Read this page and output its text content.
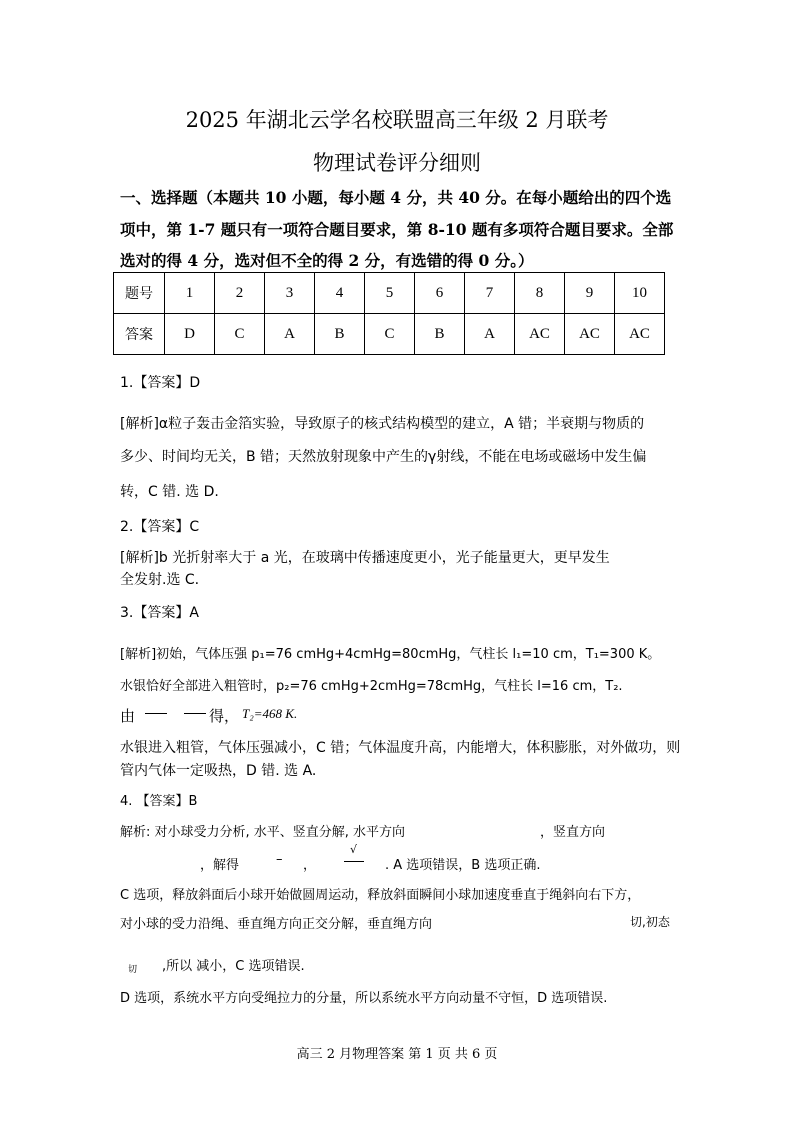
2025 年湖北云学名校联盟高三年级 2 月联考
物理试卷评分细则
一、选择题（本题共 10 小题，每小题 4 分，共 40 分。在每小题给出的四个选
项中，第 1-7 题只有一项符合题目要求，第 8-10 题有多项符合题目要求。全部
选对的得 4 分，选对但不全的得 2 分，有选错的得 0 分。）
题号	1	2	3	4	5	6	7	8	9	10
答案	D	C	A	B	C	B	A	AC	AC	AC
1.【答案】D
[解析]α粒子轰击金箔实验，导致原子的核式结构模型的建立，A 错；半衰期与物质的
多少、时间均无关，B 错；天然放射现象中产生的γ射线，不能在电场或磁场中发生偏
转，C 错. 选 D.
2.【答案】C
[解析]b 光折射率大于 a 光，在玻璃中传播速度更小，光子能量更大，更早发生
全发射.选 C.
3.【答案】A
[解析]初始，气体压强 p₁=76 cmHg+4cmHg=80cmHg，气柱长 l₁=10 cm，T₁=300 K。
水银恰好全部进入粗管时，p₂=76 cmHg+2cmHg=78cmHg，气柱长 l=16 cm，T₂.
由	得， T₂=468 K.
水银进入粗管，气体压强减小，C 错；气体温度升高，内能增大，体积膨胀，对外做功，则
管内气体一定吸热，D 错. 选 A.
4. 【答案】B
解析: 对小球受力分析, 水平、竖直分解, 水平方向	，竖直方向
，解得	– ，
√
. A 选项错误，B 选项正确.
C 选项，释放斜面后小球开始做圆周运动，释放斜面瞬间小球加速度垂直于绳斜向右下方，
对小球的受力沿绳、垂直绳方向正交分解，垂直绳方向	切,初态
切 ,所以 减小，C 选项错误.
D 选项，系统水平方向受绳拉力的分量，所以系统水平方向动量不守恒，D 选项错误.
高三 2 月物理答案 第 1 页 共 6 页
